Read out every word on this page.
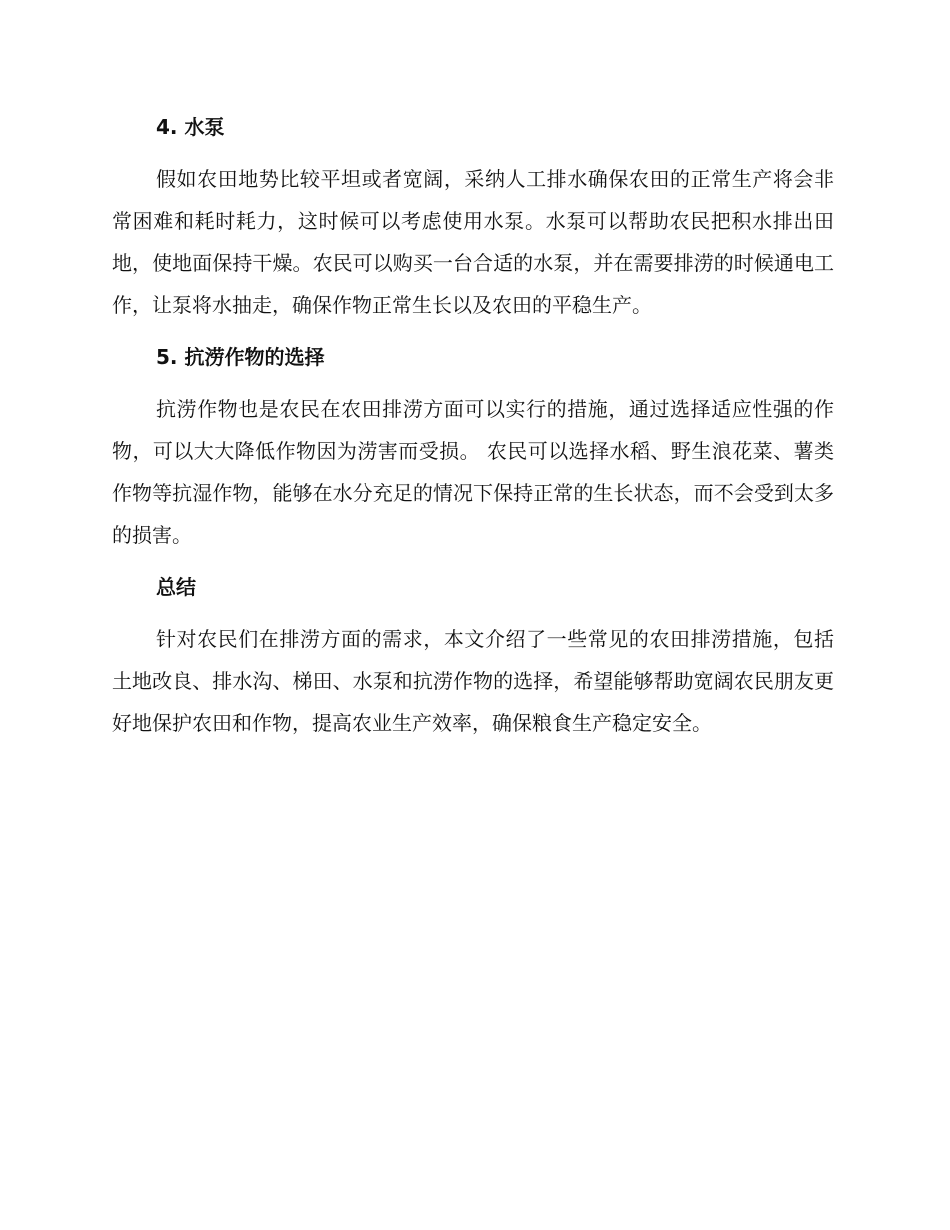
4. 水泵

假如农田地势比较平坦或者宽阔，采纳人工排水确保农田的正常生产将会非常困难和耗时耗力，这时候可以考虑使用水泵。水泵可以帮助农民把积水排出田地，使地面保持干燥。农民可以购买一台合适的水泵，并在需要排涝的时候通电工作，让泵将水抽走，确保作物正常生长以及农田的平稳生产。

5. 抗涝作物的选择

抗涝作物也是农民在农田排涝方面可以实行的措施，通过选择适应性强的作物，可以大大降低作物因为涝害而受损。 农民可以选择水稻、野生浪花菜、薯类作物等抗湿作物，能够在水分充足的情况下保持正常的生长状态，而不会受到太多的损害。

总结

针对农民们在排涝方面的需求，本文介绍了一些常见的农田排涝措施，包括土地改良、排水沟、梯田、水泵和抗涝作物的选择，希望能够帮助宽阔农民朋友更好地保护农田和作物，提高农业生产效率，确保粮食生产稳定安全。
